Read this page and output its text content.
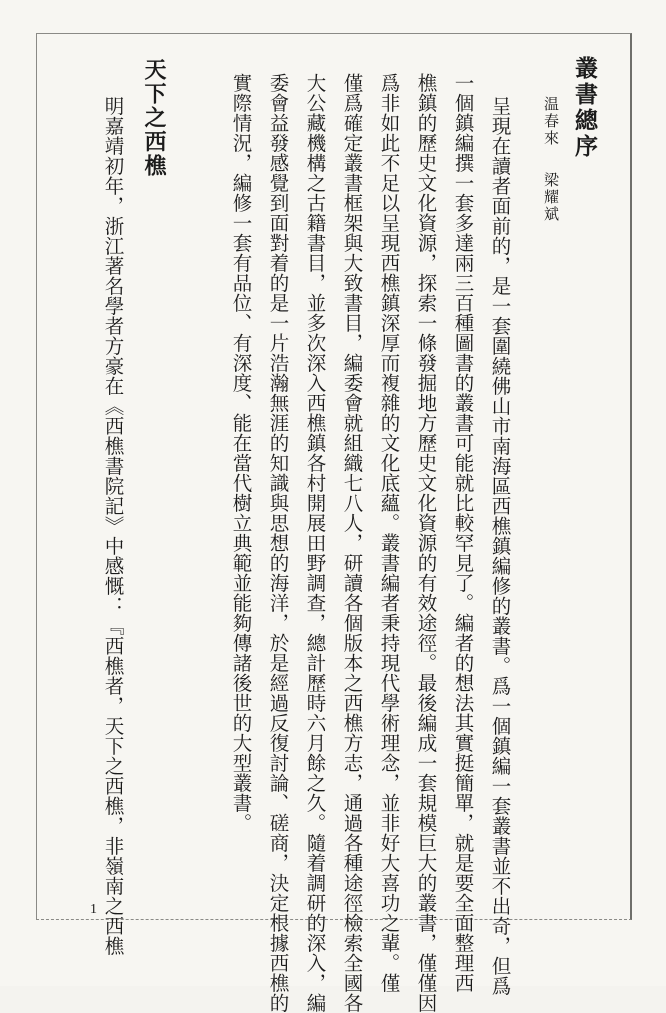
叢書總序
温春來
梁耀斌
呈現在讀者面前的，是一套圍繞佛山市南海區西樵鎮編修的叢書。爲一個鎮編一套叢書並不出奇，但爲
一個鎮編撰一套多達兩三百種圖書的叢書可能就比較罕見了。編者的想法其實挺簡單，就是要全面整理西
樵鎮的歷史文化資源，探索一條發掘地方歷史文化資源的有效途徑。最後編成一套規模巨大的叢書，僅僅因
爲非如此不足以呈現西樵鎮深厚而複雜的文化底蘊。叢書編者秉持現代學術理念，並非好大喜功之輩。僅
僅爲確定叢書框架與大致書目，編委會就組織七八人，研讀各個版本之西樵方志，通過各種途徑檢索全國各
大公藏機構之古籍書目，並多次深入西樵鎮各村開展田野調查，總計歷時六月餘之久。隨着調研的深入，編
委會益發感覺到面對着的是一片浩瀚無涯的知識與思想的海洋，於是經過反復討論、磋商，決定根據西樵的
實際情況，編修一套有品位、有深度、能在當代樹立典範並能夠傳諸後世的大型叢書。
天下之西樵
明嘉靖初年，浙江著名學者方豪在《西樵書院記》中感慨：『西樵者，天下之西樵，非嶺南之西樵
1
